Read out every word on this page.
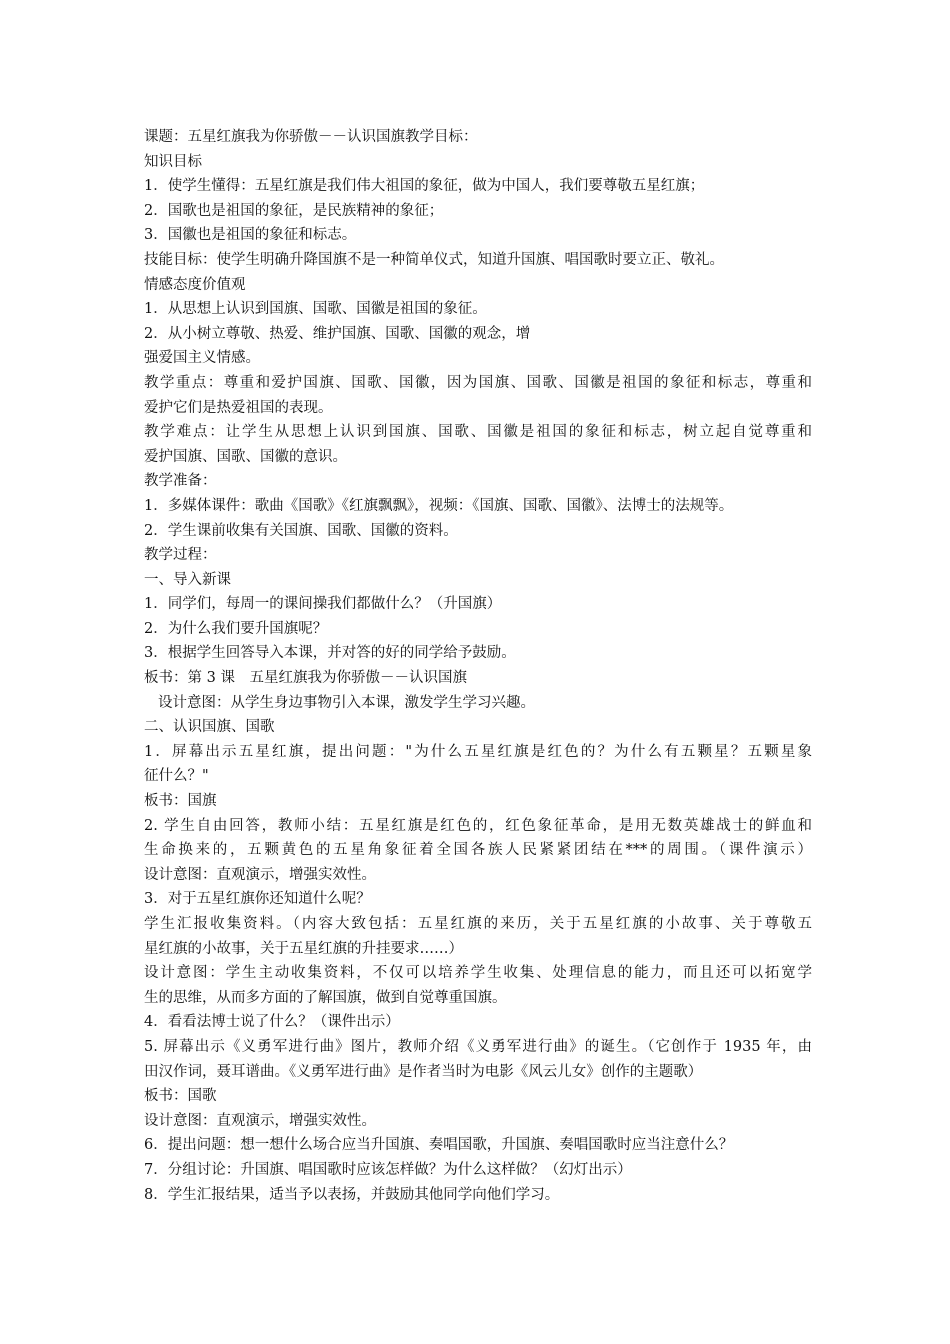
课题：五星红旗我为你骄傲－－认识国旗教学目标：
知识目标
1．使学生懂得：五星红旗是我们伟大祖国的象征，做为中国人，我们要尊敬五星红旗；
2．国歌也是祖国的象征，是民族精神的象征；
3．国徽也是祖国的象征和标志。
技能目标：使学生明确升降国旗不是一种简单仪式，知道升国旗、唱国歌时要立正、敬礼。
情感态度价值观
1．从思想上认识到国旗、国歌、国徽是祖国的象征。
2．从小树立尊敬、热爱、维护国旗、国歌、国徽的观念，增
强爱国主义情感。
教学重点：尊重和爱护国旗、国歌、国徽，因为国旗、国歌、国徽是祖国的象征和标志，尊重和
爱护它们是热爱祖国的表现。
教学难点：让学生从思想上认识到国旗、国歌、国徽是祖国的象征和标志，树立起自觉尊重和
爱护国旗、国歌、国徽的意识。
教学准备：
1．多媒体课件：歌曲《国歌》《红旗飘飘》，视频：《国旗、国歌、国徽》、法博士的法规等。
2．学生课前收集有关国旗、国歌、国徽的资料。
教学过程：
一、导入新课
1．同学们，每周一的课间操我们都做什么？（升国旗）
2．为什么我们要升国旗呢？
3．根据学生回答导入本课，并对答的好的同学给予鼓励。
板书：第 3 课　五星红旗我为你骄傲－－认识国旗
设计意图：从学生身边事物引入本课，激发学生学习兴趣。
二、认识国旗、国歌
1．屏幕出示五星红旗，提出问题："为什么五星红旗是红色的？为什么有五颗星？五颗星象
征什么？"
板书：国旗
2. 学生自由回答，教师小结：五星红旗是红色的，红色象征革命，是用无数英雄战士的鲜血和
生命换来的，五颗黄色的五星角象征着全国各族人民紧紧团结在***的周围。（课件演示）
设计意图：直观演示，增强实效性。
3．对于五星红旗你还知道什么呢？
学生汇报收集资料。（内容大致包括：五星红旗的来历，关于五星红旗的小故事、关于尊敬五
星红旗的小故事，关于五星红旗的升挂要求……）
设计意图：学生主动收集资料，不仅可以培养学生收集、处理信息的能力，而且还可以拓宽学
生的思维，从而多方面的了解国旗，做到自觉尊重国旗。
4．看看法博士说了什么？（课件出示）
5. 屏幕出示《义勇军进行曲》图片，教师介绍《义勇军进行曲》的诞生。（它创作于 1935 年，由
田汉作词，聂耳谱曲。《义勇军进行曲》是作者当时为电影《风云儿女》创作的主题歌）
板书：国歌
设计意图：直观演示，增强实效性。
6．提出问题：想一想什么场合应当升国旗、奏唱国歌，升国旗、奏唱国歌时应当注意什么？
7．分组讨论：升国旗、唱国歌时应该怎样做？为什么这样做？（幻灯出示）
8．学生汇报结果，适当予以表扬，并鼓励其他同学向他们学习。
